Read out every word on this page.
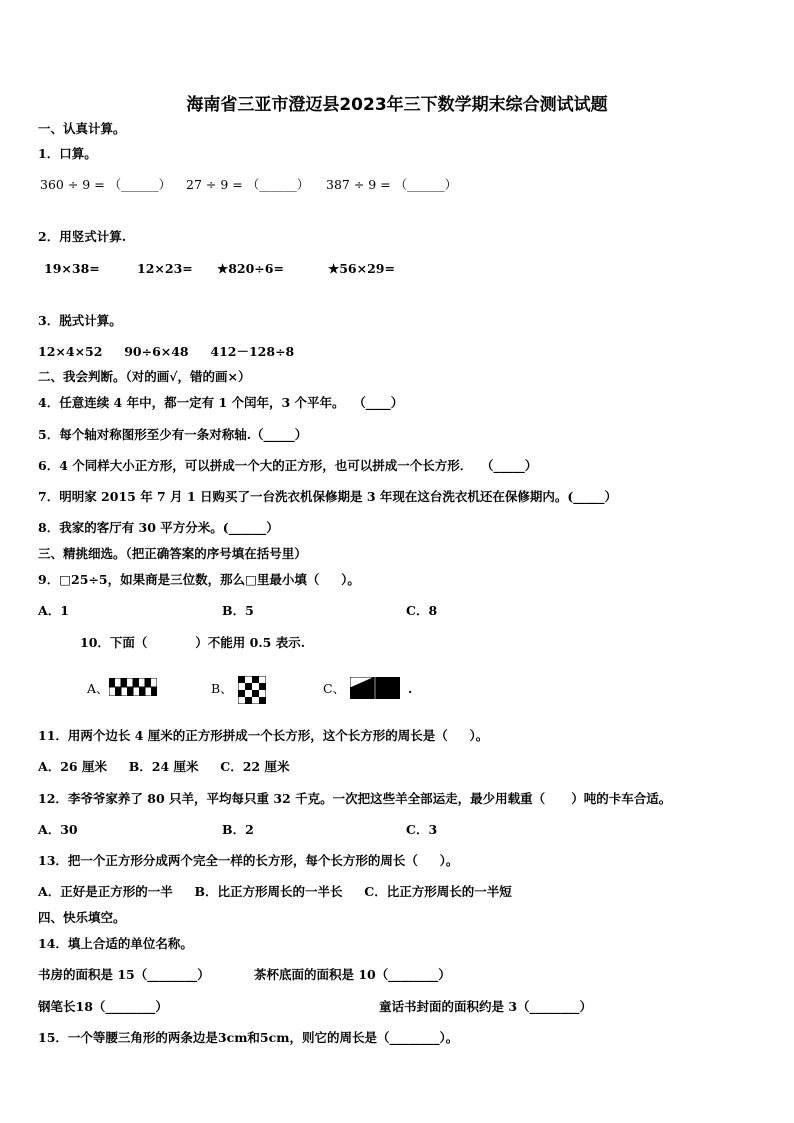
海南省三亚市澄迈县2023年三下数学期末综合测试试题
一、认真计算。
1．口算。
360 ÷ 9 = （______） 27 ÷ 9 = （______） 387 ÷ 9 = （______）
2．用竖式计算.
19×38=	12×23= ★820÷6=	★56×29=
3．脱式计算。
12×4×52     90÷6×48     412－128÷8
二、我会判断。（对的画√，错的画×）
4．任意连续 4 年中，都一定有 1 个闰年，3 个平年。  （____）
5．每个轴对称图形至少有一条对称轴.（_____）
6．4 个同样大小正方形，可以拼成一个大的正方形，也可以拼成一个长方形．  （_____）
7．明明家 2015 年 7 月 1 日购买了一台洗衣机保修期是 3 年现在这台洗衣机还在保修期内。(_____）
8．我家的客厅有 30 平方分米。(______）
三、精挑细选。（把正确答案的序号填在括号里）
9．□25÷5，如果商是三位数，那么□里最小填（     ）。
A．1	B．5	C．8
10．下面（           ）不能用 0.5 表示.
A、	B、	C、	.
11．用两个边长 4 厘米的正方形拼成一个长方形，这个长方形的周长是（     ）。
A．26 厘米     B．24 厘米     C．22 厘米
12．李爷爷家养了 80 只羊，平均每只重 32 千克。一次把这些羊全部运走，最少用载重（      ）吨的卡车合适。
A．30	B．2	C．3
13．把一个正方形分成两个完全一样的长方形，每个长方形的周长（     ）。
A．正好是正方形的一半     B．比正方形周长的一半长     C．比正方形周长的一半短
四、快乐填空。
14．填上合适的单位名称。
书房的面积是 15（________）	茶杯底面的面积是 10（________）
钢笔长18（________）	童话书封面的面积约是 3（________）
15．一个等腰三角形的两条边是3cm和5cm，则它的周长是（________）。
